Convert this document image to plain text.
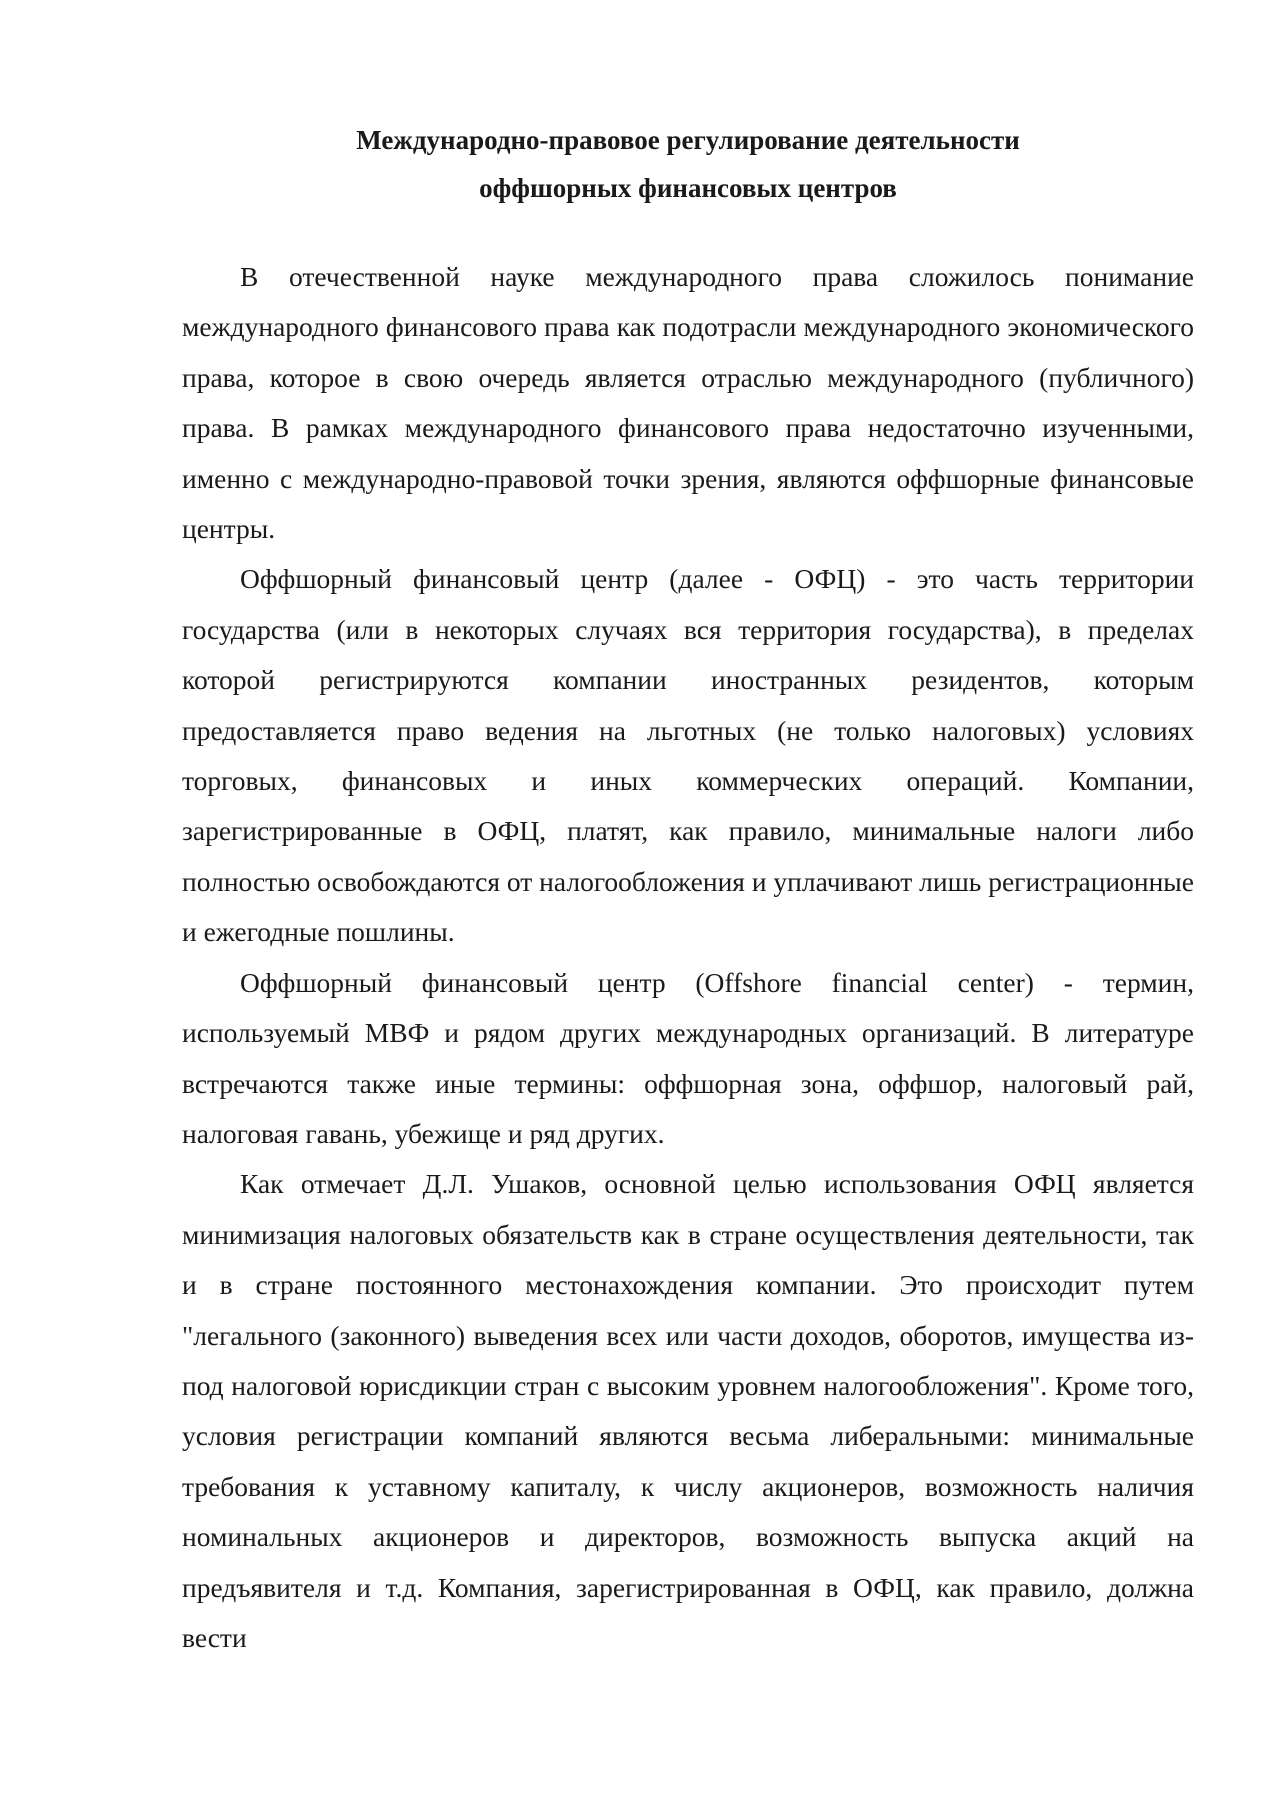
Международно-правовое регулирование деятельности
оффшорных финансовых центров

В отечественной науке международного права сложилось понимание международного финансового права как подотрасли международного экономического права, которое в свою очередь является отраслью международного (публичного) права. В рамках международного финансового права недостаточно изученными, именно с международно-правовой точки зрения, являются оффшорные финансовые центры.

Оффшорный финансовый центр (далее - ОФЦ) - это часть территории государства (или в некоторых случаях вся территория государства), в пределах которой регистрируются компании иностранных резидентов, которым предоставляется право ведения на льготных (не только налоговых) условиях торговых, финансовых и иных коммерческих операций. Компании, зарегистрированные в ОФЦ, платят, как правило, минимальные налоги либо полностью освобождаются от налогообложения и уплачивают лишь регистрационные и ежегодные пошлины.

Оффшорный финансовый центр (Offshore financial center) - термин, используемый МВФ и рядом других международных организаций. В литературе встречаются также иные термины: оффшорная зона, оффшор, налоговый рай, налоговая гавань, убежище и ряд других.

Как отмечает Д.Л. Ушаков, основной целью использования ОФЦ является минимизация налоговых обязательств как в стране осуществления деятельности, так и в стране постоянного местонахождения компании. Это происходит путем "легального (законного) выведения всех или части доходов, оборотов, имущества из-под налоговой юрисдикции стран с высоким уровнем налогообложения". Кроме того, условия регистрации компаний являются весьма либеральными: минимальные требования к уставному капиталу, к числу акционеров, возможность наличия номинальных акционеров и директоров, возможность выпуска акций на предъявителя и т.д. Компания, зарегистрированная в ОФЦ, как правило, должна вести
